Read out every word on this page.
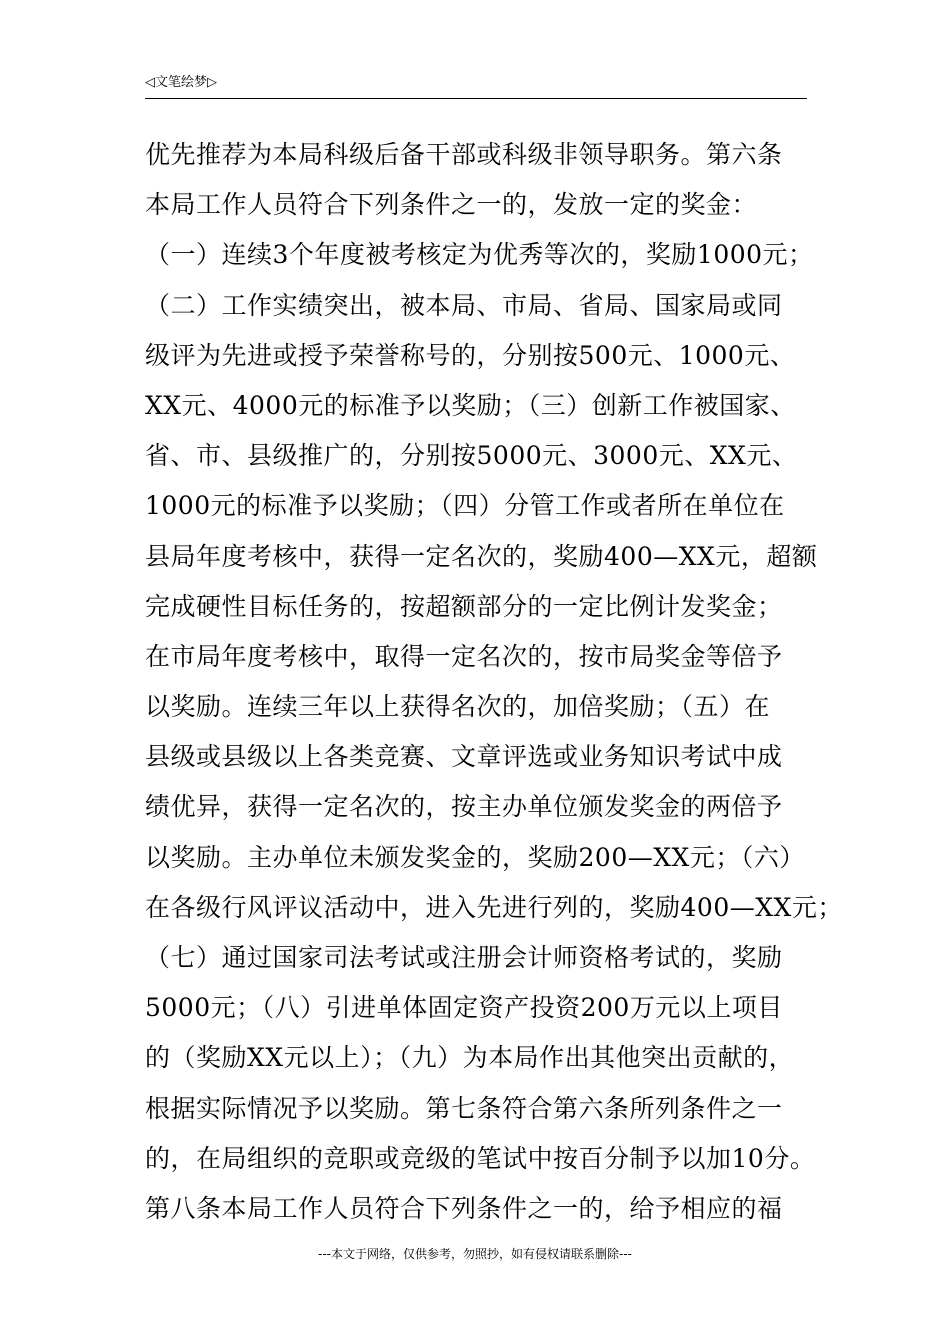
◁文笔绘梦▷
优先推荐为本局科级后备干部或科级非领导职务。第六条
本局工作人员符合下列条件之一的，发放一定的奖金：
（一）连续3个年度被考核定为优秀等次的，奖励1000元；
（二）工作实绩突出，被本局、市局、省局、国家局或同
级评为先进或授予荣誉称号的，分别按500元、1000元、
XX元、4000元的标准予以奖励；（三）创新工作被国家、
省、市、县级推广的，分别按5000元、3000元、XX元、
1000元的标准予以奖励；（四）分管工作或者所在单位在
县局年度考核中，获得一定名次的，奖励400—XX元，超额
完成硬性目标任务的，按超额部分的一定比例计发奖金；
在市局年度考核中，取得一定名次的，按市局奖金等倍予
以奖励。连续三年以上获得名次的，加倍奖励；（五）在
县级或县级以上各类竞赛、文章评选或业务知识考试中成
绩优异，获得一定名次的，按主办单位颁发奖金的两倍予
以奖励。主办单位未颁发奖金的，奖励200—XX元；（六）
在各级行风评议活动中，进入先进行列的，奖励400—XX元；
（七）通过国家司法考试或注册会计师资格考试的，奖励
5000元；（八）引进单体固定资产投资200万元以上项目
的（奖励XX元以上）；（九）为本局作出其他突出贡献的，
根据实际情况予以奖励。第七条符合第六条所列条件之一
的，在局组织的竞职或竞级的笔试中按百分制予以加10分。
第八条本局工作人员符合下列条件之一的，给予相应的福
---本文于网络，仅供参考，勿照抄，如有侵权请联系删除---
